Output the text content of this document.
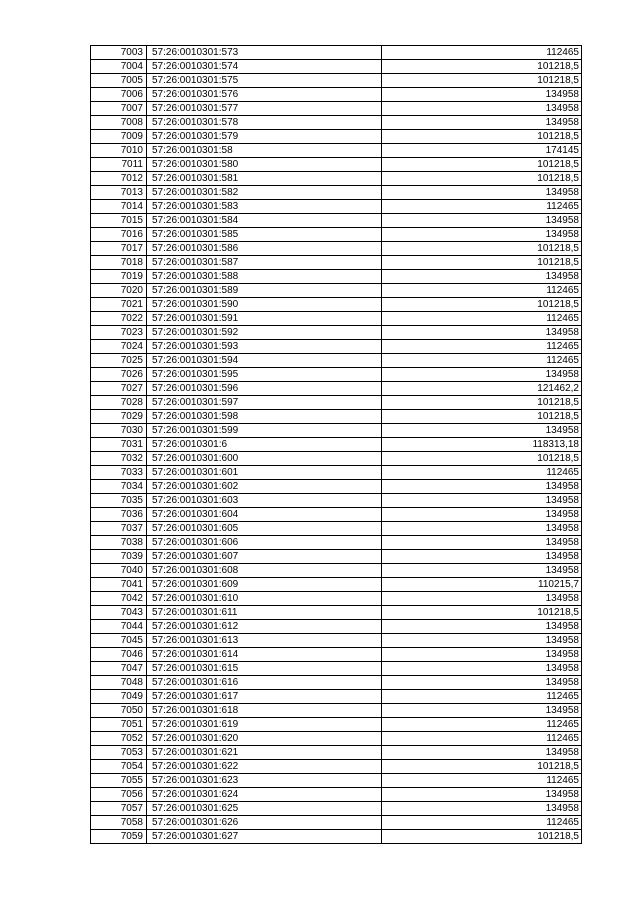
7003	57:26:0010301:573	112465
7004	57:26:0010301:574	101218,5
7005	57:26:0010301:575	101218,5
7006	57:26:0010301:576	134958
7007	57:26:0010301:577	134958
7008	57:26:0010301:578	134958
7009	57:26:0010301:579	101218,5
7010	57:26:0010301:58	174145
7011	57:26:0010301:580	101218,5
7012	57:26:0010301:581	101218,5
7013	57:26:0010301:582	134958
7014	57:26:0010301:583	112465
7015	57:26:0010301:584	134958
7016	57:26:0010301:585	134958
7017	57:26:0010301:586	101218,5
7018	57:26:0010301:587	101218,5
7019	57:26:0010301:588	134958
7020	57:26:0010301:589	112465
7021	57:26:0010301:590	101218,5
7022	57:26:0010301:591	112465
7023	57:26:0010301:592	134958
7024	57:26:0010301:593	112465
7025	57:26:0010301:594	112465
7026	57:26:0010301:595	134958
7027	57:26:0010301:596	121462,2
7028	57:26:0010301:597	101218,5
7029	57:26:0010301:598	101218,5
7030	57:26:0010301:599	134958
7031	57:26:0010301:6	118313,18
7032	57:26:0010301:600	101218,5
7033	57:26:0010301:601	112465
7034	57:26:0010301:602	134958
7035	57:26:0010301:603	134958
7036	57:26:0010301:604	134958
7037	57:26:0010301:605	134958
7038	57:26:0010301:606	134958
7039	57:26:0010301:607	134958
7040	57:26:0010301:608	134958
7041	57:26:0010301:609	110215,7
7042	57:26:0010301:610	134958
7043	57:26:0010301:611	101218,5
7044	57:26:0010301:612	134958
7045	57:26:0010301:613	134958
7046	57:26:0010301:614	134958
7047	57:26:0010301:615	134958
7048	57:26:0010301:616	134958
7049	57:26:0010301:617	112465
7050	57:26:0010301:618	134958
7051	57:26:0010301:619	112465
7052	57:26:0010301:620	112465
7053	57:26:0010301:621	134958
7054	57:26:0010301:622	101218,5
7055	57:26:0010301:623	112465
7056	57:26:0010301:624	134958
7057	57:26:0010301:625	134958
7058	57:26:0010301:626	112465
7059	57:26:0010301:627	101218,5
